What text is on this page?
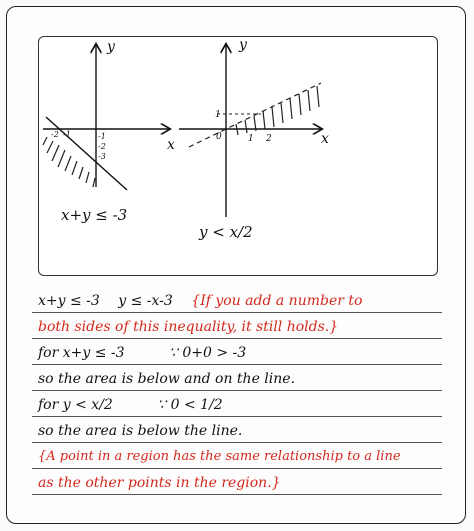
y
x
-1
-2	-1
-2
-3
x+y ≤ -3
y
x
1
0	1 2
y < x/2
x+y ≤ -3 y ≤ -x-3 {If you add a number to
both sides of this inequality, it still holds.}
for x+y ≤ -3	∵ 0+0 > -3
so the area is below and on the line.
for y < x/2	∵ 0 < 1/2
so the area is below the line.
{A point in a region has the same relationship to a line
as the other points in the region.}
